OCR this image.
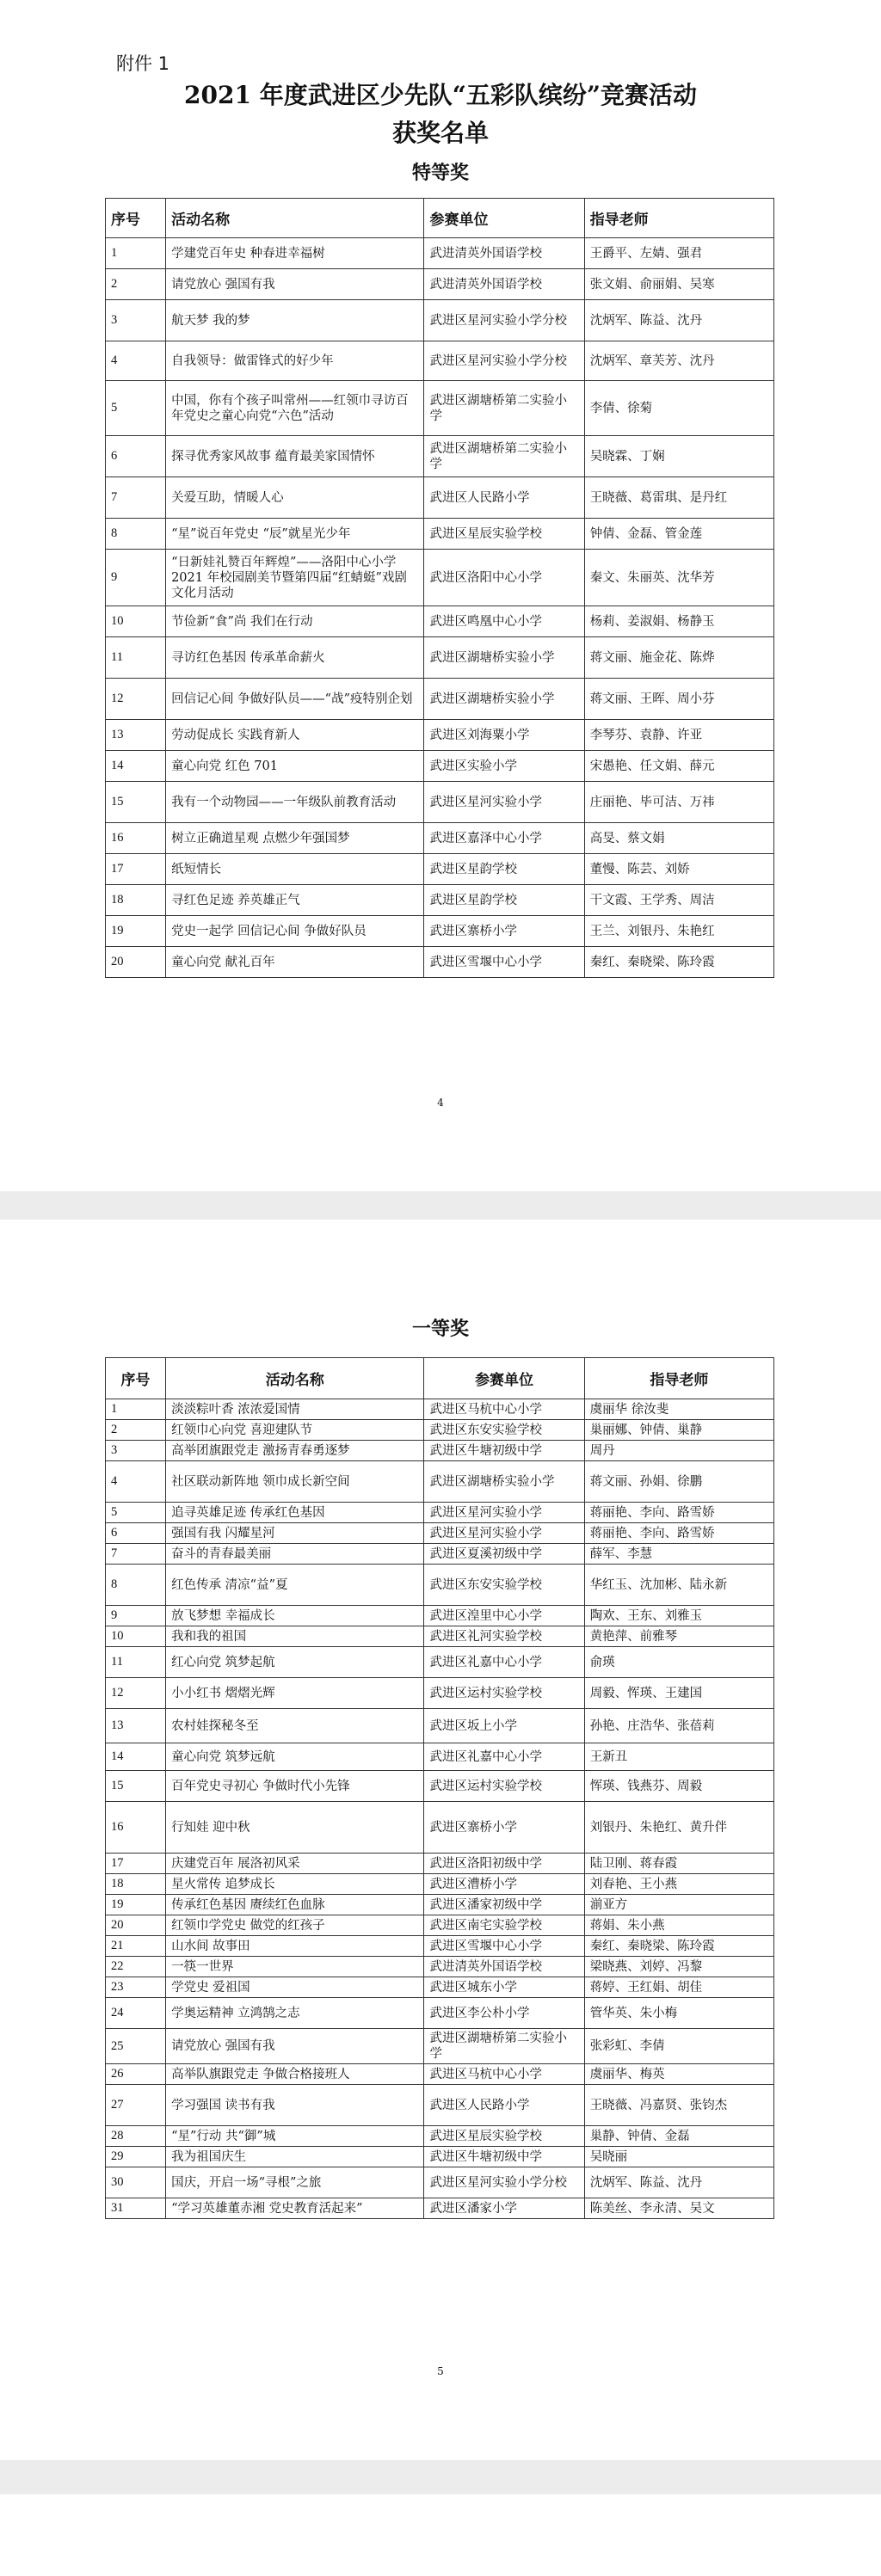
附件 1
2021 年度武进区少先队“五彩队缤纷”竞赛活动
获奖名单
特等奖
序号	活动名称	参赛单位	指导老师
1	学建党百年史 种春进幸福树	武进清英外国语学校	王爵平、左婧、强君
2	请党放心 强国有我	武进清英外国语学校	张文娟、俞丽娟、吴寒
3	航天梦 我的梦	武进区星河实验小学分校	沈炳军、陈益、沈丹
4	自我领导：做雷锋式的好少年	武进区星河实验小学分校	沈炳军、章芙芳、沈丹
5	中国，你有个孩子叫常州——红领巾寻访百年党史之童心向党“六色”活动	武进区湖塘桥第二实验小学	李倩、徐菊
6	探寻优秀家风故事 蕴育最美家国情怀	武进区湖塘桥第二实验小学	吴晓霖、丁娴
7	关爱互助，情暖人心	武进区人民路小学	王晓薇、葛雷琪、是丹红
8	“星”说百年党史 “辰”就星光少年	武进区星辰实验学校	钟倩、金磊、管金莲
9	“日新娃礼赞百年辉煌”——洛阳中心小学 2021 年校园剧美节暨第四届“红蜻蜓”戏剧文化月活动	武进区洛阳中心小学	秦文、朱丽英、沈华芳
10	节俭新“食”尚 我们在行动	武进区鸣凰中心小学	杨莉、姜淑娟、杨静玉
11	寻访红色基因 传承革命薪火	武进区湖塘桥实验小学	蒋文丽、施金花、陈烨
12	回信记心间 争做好队员——“战”疫特别企划	武进区湖塘桥实验小学	蒋文丽、王晖、周小芬
13	劳动促成长 实践育新人	武进区刘海粟小学	李琴芬、袁静、许亚
14	童心向党 红色 701	武进区实验小学	宋愚艳、任文娟、薛元
15	我有一个动物园——一年级队前教育活动	武进区星河实验小学	庄丽艳、毕可洁、万祎
16	树立正确道星观 点燃少年强国梦	武进区嘉泽中心小学	高旻、蔡文娟
17	纸短情长	武进区星韵学校	董慢、陈芸、刘娇
18	寻红色足迹 养英雄正气	武进区星韵学校	干文霞、王学秀、周洁
19	党史一起学 回信记心间 争做好队员	武进区寨桥小学	王兰、刘银丹、朱艳红
20	童心向党 献礼百年	武进区雪堰中心小学	秦红、秦晓梁、陈玲霞
4
一等奖
序号	活动名称	参赛单位	指导老师
1	淡淡粽叶香 浓浓爱国情	武进区马杭中心小学	虞丽华 徐汝斐
2	红领巾心向党 喜迎建队节	武进区东安实验学校	巢丽娜、钟倩、巢静
3	高举团旗跟党走 激扬青春勇逐梦	武进区牛塘初级中学	周丹
4	社区联动新阵地 领巾成长新空间	武进区湖塘桥实验小学	蒋文丽、孙娟、徐鹏
5	追寻英雄足迹 传承红色基因	武进区星河实验小学	蒋丽艳、李向、路雪娇
6	强国有我 闪耀星河	武进区星河实验小学	蒋丽艳、李向、路雪娇
7	奋斗的青春最美丽	武进区夏溪初级中学	薛军、李慧
8	红色传承 清凉“益”夏	武进区东安实验学校	华红玉、沈加彬、陆永新
9	放飞梦想 幸福成长	武进区湟里中心小学	陶欢、王东、刘雅玉
10	我和我的祖国	武进区礼河实验学校	黄艳萍、前雅琴
11	红心向党 筑梦起航	武进区礼嘉中心小学	俞瑛
12	小小红书 熠熠光辉	武进区运村实验学校	周毅、恽瑛、王建国
13	农村娃探秘冬至	武进区坂上小学	孙艳、庄浩华、张蓓莉
14	童心向党 筑梦远航	武进区礼嘉中心小学	王新丑
15	百年党史寻初心 争做时代小先锋	武进区运村实验学校	恽瑛、钱燕芬、周毅
16	行知娃 迎中秋	武进区寨桥小学	刘银丹、朱艳红、黄升伴
17	庆建党百年 展洛初风采	武进区洛阳初级中学	陆卫刚、蒋春霞
18	星火常传 追梦成长	武进区漕桥小学	刘春艳、王小燕
19	传承红色基因 赓续红色血脉	武进区潘家初级中学	湔亚方
20	红领巾学党史 做党的红孩子	武进区南宅实验学校	蒋娟、朱小燕
21	山水间 故事田	武进区雪堰中心小学	秦红、秦晓梁、陈玲霞
22	一筷一世界	武进清英外国语学校	梁晓燕、刘婷、冯黎
23	学党史 爱祖国	武进区城东小学	蒋婷、王红娟、胡佳
24	学奥运精神 立鸿鹄之志	武进区李公朴小学	管华英、朱小梅
25	请党放心 强国有我	武进区湖塘桥第二实验小学	张彩虹、李倩
26	高举队旗跟党走 争做合格接班人	武进区马杭中心小学	虞丽华、梅英
27	学习强国 读书有我	武进区人民路小学	王晓薇、冯嘉贤、张钧杰
28	“星”行动 共“御”城	武进区星辰实验学校	巢静、钟倩、金磊
29	我为祖国庆生	武进区牛塘初级中学	吴晓丽
30	国庆，开启一场“寻根”之旅	武进区星河实验小学分校	沈炳军、陈益、沈丹
31	“学习英雄董赤湘 党史教育活起来”	武进区潘家小学	陈美丝、李永清、吴文
5
